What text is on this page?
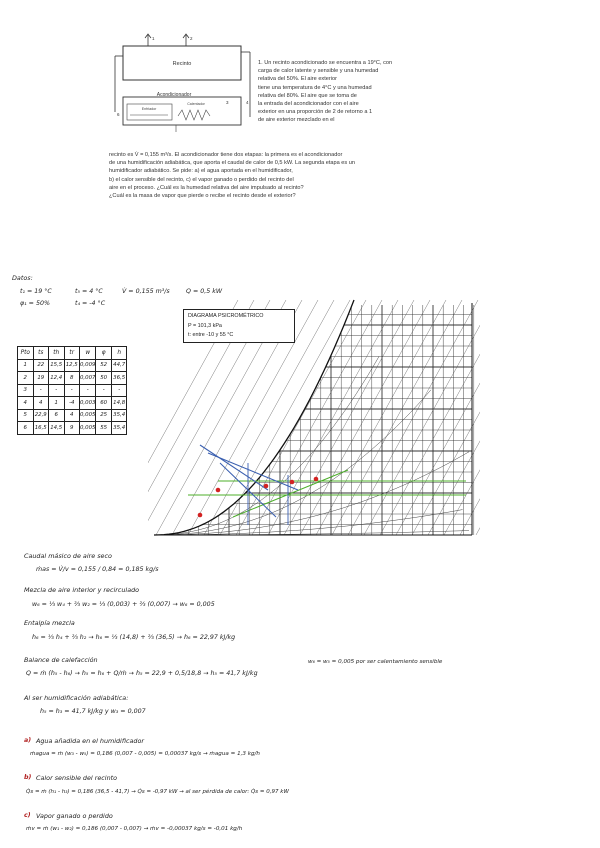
Recinto
1	2
Acondicionador
Enfriador
Calentador	4
6
3
1. Un recinto acondicionado se encuentra a 19°C, con
carga de calor latente y sensible y una humedad
relativa del 50%. El aire exterior
tiene una temperatura de 4°C y una humedad
relativa del 80%. El aire que se toma de
la entrada del acondicionador con el aire
exterior en una proporción de 2 de retorno a 1
de aire exterior mezclado en el
recinto es V̇ = 0,155 m³/s. El acondicionador tiene dos etapas: la primera es el acondicionador
de una humidificación adiabática, que aporta el caudal de calor de 0,5 kW. La segunda etapa es un
humidificador adiabático. Se pide: a) el agua aportada en el humidificador,
b) el calor sensible del recinto, c) el vapor ganado o perdido del recinto del
aire en el proceso. ¿Cuál es la humedad relativa del aire impulsado al recinto?
¿Cuál es la masa de vapor que pierde o recibe el recinto desde el exterior?
Datos:
t₁ = 19 °C
φ₁ = 50%
t₅ = 4 °C
t₄ = -4 °C
V̇ = 0,155 m³/s	Q = 0,5 kW
Pto	ts	th	tr	w	φ	h
1	22	15,5	12,5	0,009	52	44,7
2	19	12,4	8	0,007	50	36,5
3	-	-	-	-	-	-
4	4	1	-4	0,003	60	14,8
5	22,9	6	4	0,005	25	35,4
6	16,5	14,5	9	0,005	55	35,4
DIAGRAMA PSICROMÉTRICO
P = 101,3 kPa
t: entre -10 y 55 °C
Caudal másico de aire seco
ṁas = V̇/v = 0,155 / 0,84 = 0,185 kg/s
Mezcla de aire interior y recirculado
w₆ = ⅓ w₄ + ⅔ w₂ = ⅓ (0,003) + ⅔ (0,007) → w₆ = 0,005
Entalpía mezcla
h₆ = ⅓ h₄ + ⅔ h₂ → h₆ = ⅓ (14,8) + ⅔ (36,5) → h₆ = 22,97 kJ/kg
Balance de calefacción
Q = ṁ (h₅ - h₆) → h₅ = h₆ + Q/ṁ → h₅ = 22,9 + 0,5/18,8 → h₅ = 41,7 kJ/kg
w₆ = w₅ = 0,005 por ser calentamiento sensible
Al ser humidificación adiabática:
h₅ = h₃ = 41,7 kJ/kg y w₃ = 0,007
a) Agua añadida en el humidificador
ṁagua = ṁ (w₃ - w₅) = 0,186 (0,007 - 0,005) = 0,00037 kg/s → ṁagua = 1,3 kg/h
b) Calor sensible del recinto
Q̇s = ṁ (h₁ - h₃) = 0,186 (36,5 - 41,7) → Q̇s = -0,97 kW → al ser pérdida de calor: Q̇s = 0,97 kW
c) Vapor ganado o perdido
ṁv = ṁ (w₁ - w₂) = 0,186 (0,007 - 0,007) → ṁv = -0,00037 kg/s = -0,01 kg/h
